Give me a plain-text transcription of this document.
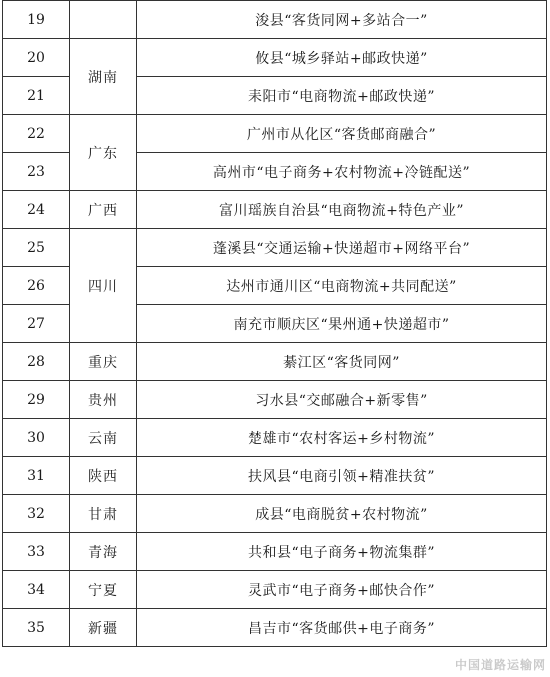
19		浚县“客货同网+多站合一”
20	湖南	攸县“城乡驿站+邮政快递”
21		耒阳市“电商物流+邮政快递”
22	广东	广州市从化区“客货邮商融合”
23		高州市“电子商务+农村物流+冷链配送”
24	广西	富川瑶族自治县“电商物流+特色产业”
25	四川	蓬溪县“交通运输+快递超市+网络平台”
26		达州市通川区“电商物流+共同配送”
27		南充市顺庆区“果州通+快递超市”
28	重庆	綦江区“客货同网”
29	贵州	习水县“交邮融合+新零售”
30	云南	楚雄市“农村客运+乡村物流”
31	陕西	扶风县“电商引领+精准扶贫”
32	甘肃	成县“电商脱贫+农村物流”
33	青海	共和县“电子商务+物流集群”
34	宁夏	灵武市“电子商务+邮快合作”
35	新疆	昌吉市“客货邮供+电子商务”
中国道路运输网
